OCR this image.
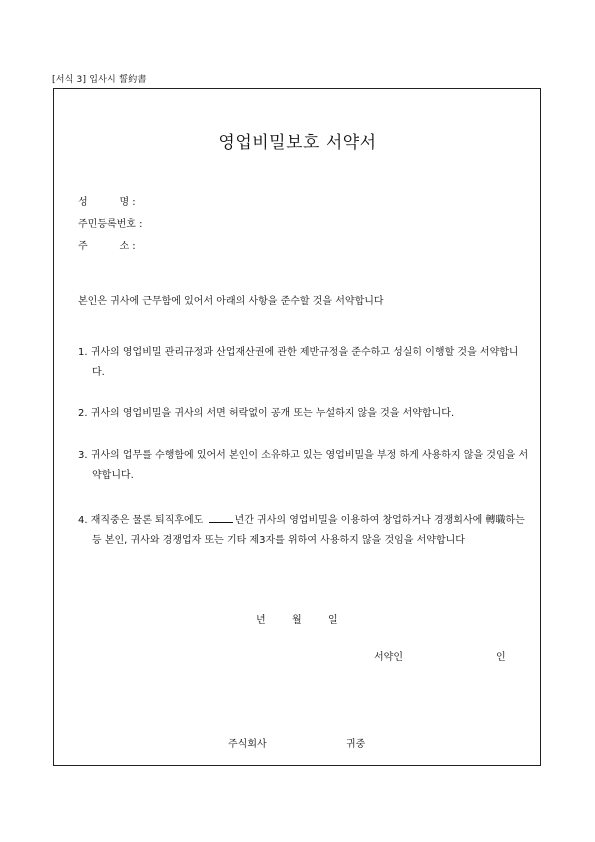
[서식 3] 입사시 誓約書
영업비밀보호 서약서
성          명 :
주민등록번호 :
주          소 :
본인은 귀사에 근무함에 있어서 아래의 사항을 준수할 것을 서약합니다
1. 귀사의 영업비밀 관리규정과 산업재산권에 관한 제반규정을 준수하고 성실히 이행할 것을 서약합니다.
2. 귀사의 영업비밀을 귀사의 서면 허락없이 공개 또는 누설하지 않을 것을 서약합니다.
3. 귀사의 업무를 수행함에 있어서 본인이 소유하고 있는 영업비밀을 부정 하게 사용하지 않을 것임을 서약합니다.
4. 재직중은 물론 퇴직후에도	년간 귀사의 영업비밀을 이용하여 창업하거나 경쟁회사에 轉職하는 등 본인, 귀사와 경쟁업자 또는 기타 제3자를 위하여 사용하지 않을 것임을 서약합니다
년	월	일
서약인	인
주식회사	귀중
